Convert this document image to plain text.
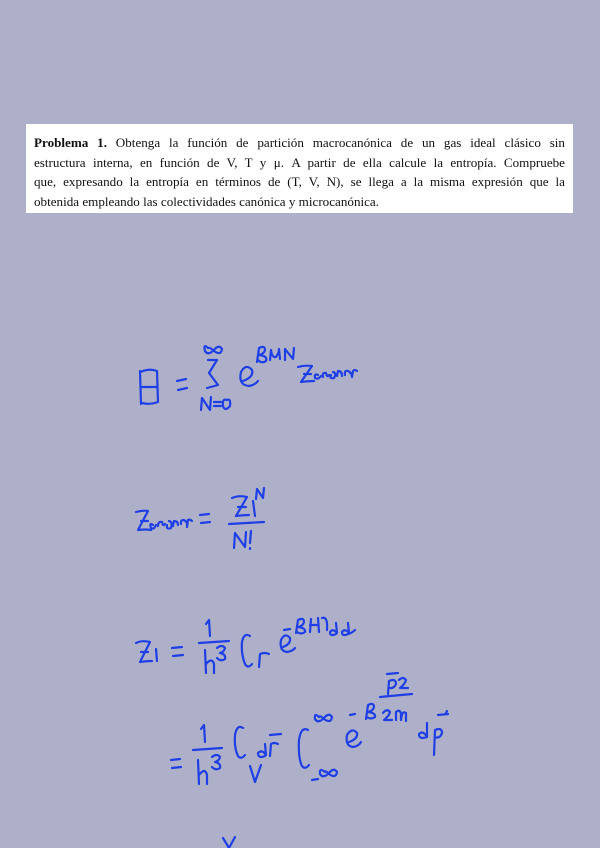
Problema 1. Obtenga la función de partición macrocanónica de un gas ideal clásico sin
estructura interna, en función de V, T y μ. A partir de ella calcule la entropía. Compruebe
que, expresando la entropía en términos de (T, V, N), se llega a la misma expresión que la
obtenida empleando las colectividades canónica y microcanónica.
